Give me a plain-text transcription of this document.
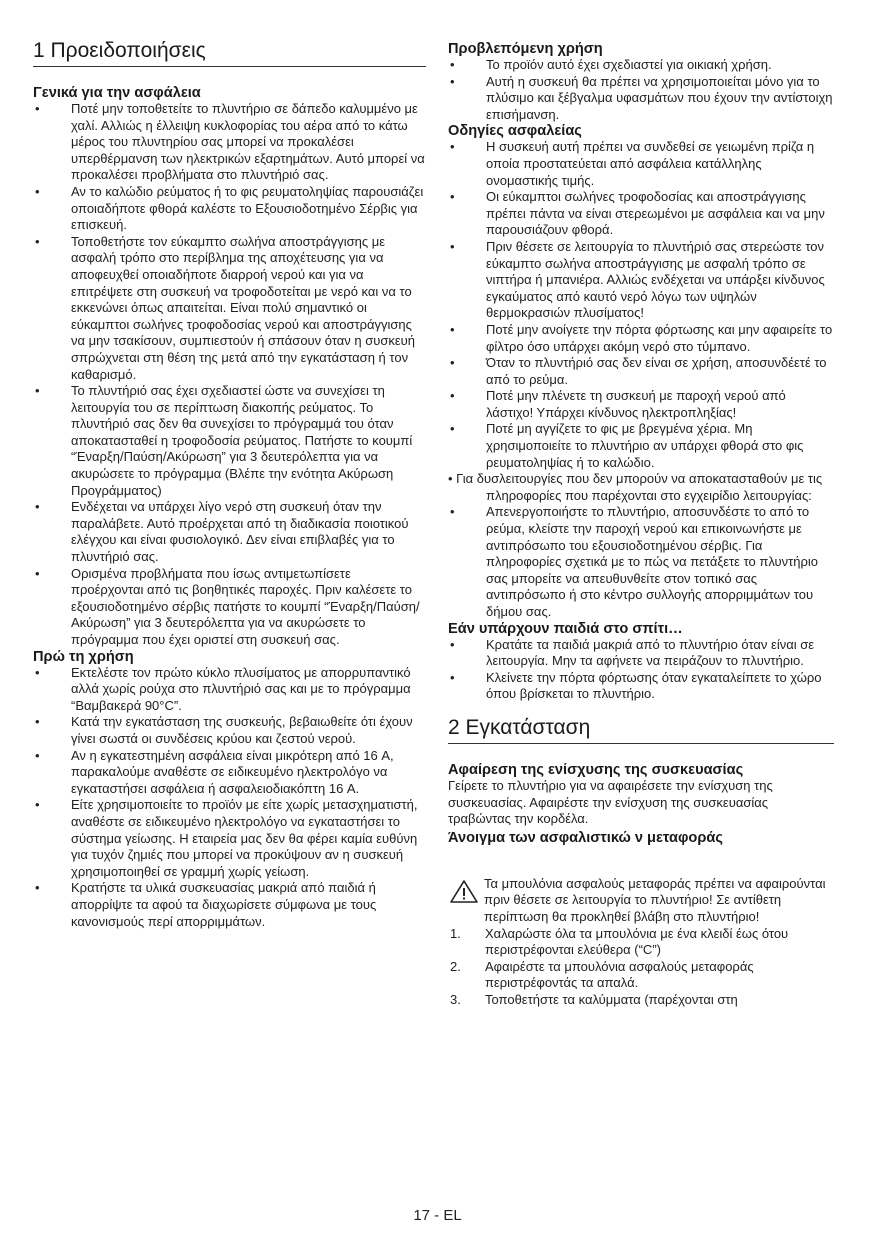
1 Προειδοποιήσεις
Γενικά για την ασφάλεια
• Ποτέ μην τοποθετείτε το πλυντήριο σε δάπεδο καλυμμένο με χαλί. Αλλιώς η έλλειψη κυκλοφορίας του αέρα από το κάτω μέρος του πλυντηρίου σας μπορεί να προκαλέσει υπερθέρμανση των ηλεκτρικών εξαρτημάτων. Αυτό μπορεί να προκαλέσει προβλήματα στο πλυντήριό σας.
• Αν το καλώδιο ρεύματος ή το φις ρευματοληψίας παρουσιάζει οποιαδήποτε φθορά καλέστε το Εξουσιοδοτημένο Σέρβις για επισκευή.
• Τοποθετήστε τον εύκαμπτο σωλήνα αποστράγγισης με ασφαλή τρόπο στο περίβλημα της αποχέτευσης για να αποφευχθεί οποιαδήποτε διαρροή νερού και για να επιτρέψετε στη συσκευή να τροφοδοτείται με νερό και να το εκκενώνει όπως απαιτείται. Είναι πολύ σημαντικό οι εύκαμπτοι σωλήνες τροφοδοσίας νερού και αποστράγγισης να μην τσακίσουν, συμπιεστούν ή σπάσουν όταν η συσκευή σπρώχνεται στη θέση της μετά από την εγκατάσταση ή τον καθαρισμό.
• Το πλυντήριό σας έχει σχεδιαστεί ώστε να συνεχίσει τη λειτουργία του σε περίπτωση διακοπής ρεύματος. Το πλυντήριό σας δεν θα συνεχίσει το πρόγραμμά του όταν αποκατασταθεί η τροφοδοσία ρεύματος. Πατήστε το κουμπί “Έναρξη/Παύση/Ακύρωση” για 3 δευτερόλεπτα για να ακυρώσετε το πρόγραμμα (Βλέπε την ενότητα Ακύρωση Προγράμματος)
• Ενδέχεται να υπάρχει λίγο νερό στη συσκευή όταν την παραλάβετε. Αυτό προέρχεται από τη διαδικασία ποιοτικού ελέγχου και είναι φυσιολογικό. Δεν είναι επιβλαβές για το πλυντήριό σας.
• Ορισμένα προβλήματα που ίσως αντιμετωπίσετε προέρχονται από τις βοηθητικές παροχές. Πριν καλέσετε το εξουσιοδοτημένο σέρβις πατήστε το κουμπί “Έναρξη/Παύση/Ακύρωση” για 3 δευτερόλεπτα για να ακυρώσετε το πρόγραμμα που έχει οριστεί στη συσκευή σας.
Πρώ τη χρήση
• Εκτελέστε τον πρώτο κύκλο πλυσίματος με απορρυπαντικό αλλά χωρίς ρούχα στο πλυντήριό σας και με το πρόγραμμα “Βαμβακερά 90°C”.
• Κατά την εγκατάσταση της συσκευής, βεβαιωθείτε ότι έχουν γίνει σωστά οι συνδέσεις κρύου και ζεστού νερού.
• Αν η εγκατεστημένη ασφάλεια είναι μικρότερη από 16 A, παρακαλούμε αναθέστε σε ειδικευμένο ηλεκτρολόγο να εγκαταστήσει ασφάλεια ή ασφαλειοδιακόπτη 16 A.
• Είτε χρησιμοποιείτε το προϊόν με είτε χωρίς μετασχηματιστή, αναθέστε σε ειδικευμένο ηλεκτρολόγο να εγκαταστήσει το σύστημα γείωσης. Η εταιρεία μας δεν θα φέρει καμία ευθύνη για τυχόν ζημιές που μπορεί να προκύψουν αν η συσκευή χρησιμοποιηθεί σε γραμμή χωρίς γείωση.
• Κρατήστε τα υλικά συσκευασίας μακριά από παιδιά ή απορρίψτε τα αφού τα διαχωρίσετε σύμφωνα με τους κανονισμούς περί απορριμμάτων.
Προβλεπόμενη χρήση
• Το προϊόν αυτό έχει σχεδιαστεί για οικιακή χρήση.
• Αυτή η συσκευή θα πρέπει να χρησιμοποιείται μόνο για το πλύσιμο και ξέβγαλμα υφασμάτων που έχουν την αντίστοιχη επισήμανση.
Οδηγίες ασφαλείας
• Η συσκευή αυτή πρέπει να συνδεθεί σε γειωμένη πρίζα η οποία προστατεύεται από ασφάλεια κατάλληλης ονομαστικής τιμής.
• Οι εύκαμπτοι σωλήνες τροφοδοσίας και αποστράγγισης πρέπει πάντα να είναι στερεωμένοι με ασφάλεια και να μην παρουσιάζουν φθορά.
• Πριν θέσετε σε λειτουργία το πλυντήριό σας στερεώστε τον εύκαμπτο σωλήνα αποστράγγισης με ασφαλή τρόπο σε νιπτήρα ή μπανιέρα. Αλλιώς ενδέχεται να υπάρξει κίνδυνος εγκαύματος από καυτό νερό λόγω των υψηλών θερμοκρασιών πλυσίματος!
• Ποτέ μην ανοίγετε την πόρτα φόρτωσης και μην αφαιρείτε το φίλτρο όσο υπάρχει ακόμη νερό στο τύμπανο.
• Όταν το πλυντήριό σας δεν είναι σε χρήση, αποσυνδέετέ το από το ρεύμα.
• Ποτέ μην πλένετε τη συσκευή με παροχή νερού από λάστιχο! Υπάρχει κίνδυνος ηλεκτροπληξίας!
• Ποτέ μη αγγίζετε το φις με βρεγμένα χέρια. Μη χρησιμοποιείτε το πλυντήριο αν υπάρχει φθορά στο φις ρευματοληψίας ή το καλώδιο.

• Για δυσλειτουργίες που δεν μπορούν να αποκατασταθούν με τις πληροφορίες που παρέχονται στο εγχειρίδιο λειτουργίας:

• Απενεργοποιήστε το πλυντήριο, αποσυνδέστε το από το ρεύμα, κλείστε την παροχή νερού και επικοινωνήστε με αντιπρόσωπο του εξουσιοδοτημένου σέρβις. Για πληροφορίες σχετικά με το πώς να πετάξετε το πλυντήριο σας μπορείτε να απευθυνθείτε στον τοπικό σας αντιπρόσωπο ή στο κέντρο συλλογής απορριμμάτων του δήμου σας.
Εάν υπάρχουν παιδιά στο σπίτι…
• Κρατάτε τα παιδιά μακριά από το πλυντήριο όταν είναι σε λειτουργία. Μην τα αφήνετε να πειράζουν το πλυντήριο.
• Κλείνετε την πόρτα φόρτωσης όταν εγκαταλείπετε το χώρο όπου βρίσκεται το πλυντήριο.
2 Εγκατάσταση
Αφαίρεση της ενίσχυσης της συσκευασίας

Γείρετε το πλυντήριο για να αφαιρέσετε την ενίσχυση της συσκευασίας. Αφαιρέστε την ενίσχυση της συσκευασίας τραβώντας την κορδέλα.

Άνοιγμα των ασφαλιστικώ ν μεταφοράς
Τα μπουλόνια ασφαλούς μεταφοράς πρέπει να αφαιρούνται πριν θέσετε σε λειτουργία το πλυντήριο! Σε αντίθετη περίπτωση θα προκληθεί βλάβη στο πλυντήριο!
1. Χαλαρώστε όλα τα μπουλόνια με ένα κλειδί έως ότου περιστρέφονται ελεύθερα (“C”)
2. Αφαιρέστε τα μπουλόνια ασφαλούς μεταφοράς περιστρέφοντάς τα απαλά.
3. Τοποθετήστε τα καλύμματα (παρέχονται στη
17 - EL
